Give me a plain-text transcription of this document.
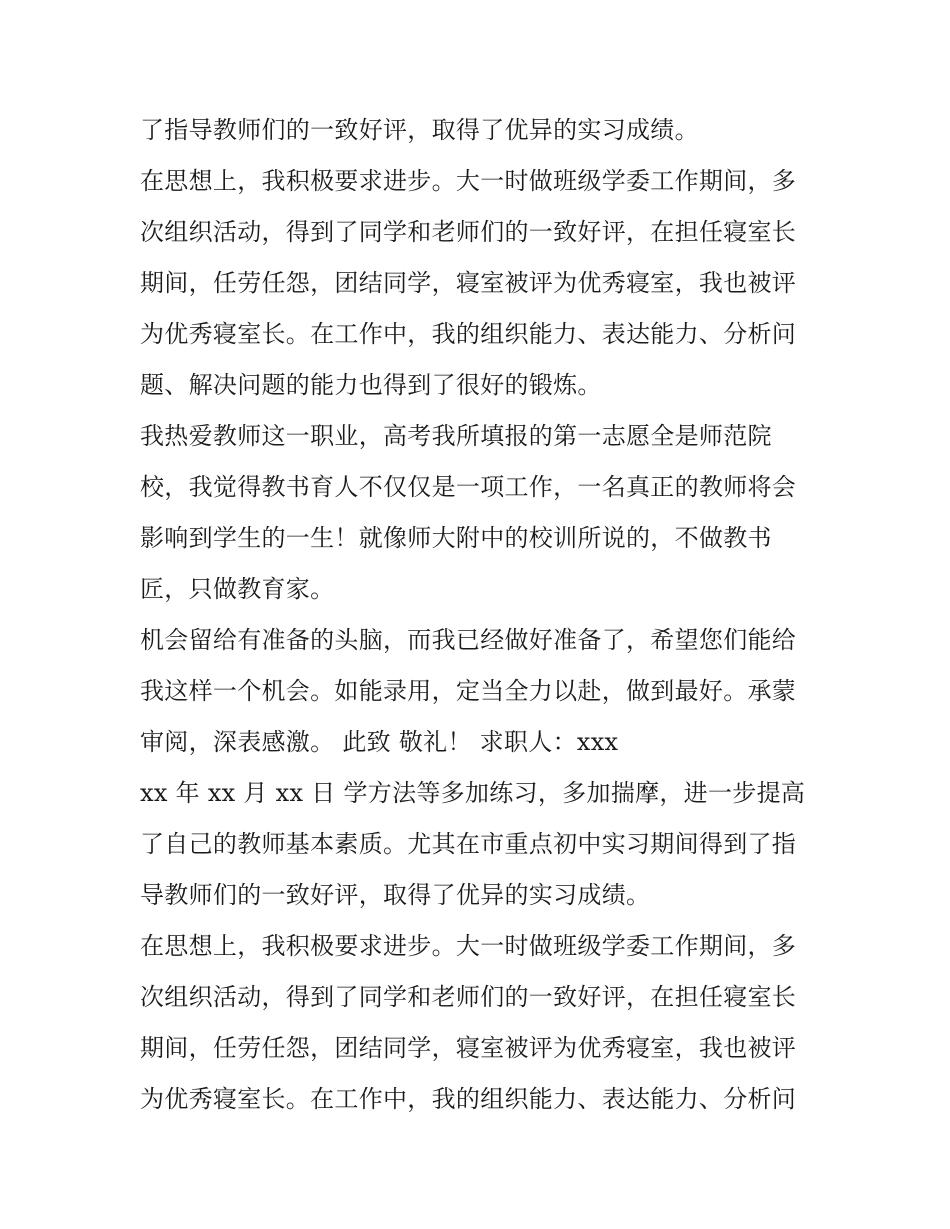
了指导教师们的一致好评，取得了优异的实习成绩。
在思想上，我积极要求进步。大一时做班级学委工作期间，多
次组织活动，得到了同学和老师们的一致好评，在担任寝室长
期间，任劳任怨，团结同学，寝室被评为优秀寝室，我也被评
为优秀寝室长。在工作中，我的组织能力、表达能力、分析问
题、解决问题的能力也得到了很好的锻炼。
我热爱教师这一职业，高考我所填报的第一志愿全是师范院
校，我觉得教书育人不仅仅是一项工作，一名真正的教师将会
影响到学生的一生！就像师大附中的校训所说的，不做教书
匠，只做教育家。
机会留给有准备的头脑，而我已经做好准备了，希望您们能给
我这样一个机会。如能录用，定当全力以赴，做到最好。承蒙
审阅，深表感激。 此致 敬礼！ 求职人：xxx
xx 年 xx 月 xx 日 学方法等多加练习，多加揣摩，进一步提高
了自己的教师基本素质。尤其在市重点初中实习期间得到了指
导教师们的一致好评，取得了优异的实习成绩。
在思想上，我积极要求进步。大一时做班级学委工作期间，多
次组织活动，得到了同学和老师们的一致好评，在担任寝室长
期间，任劳任怨，团结同学，寝室被评为优秀寝室，我也被评
为优秀寝室长。在工作中，我的组织能力、表达能力、分析问
